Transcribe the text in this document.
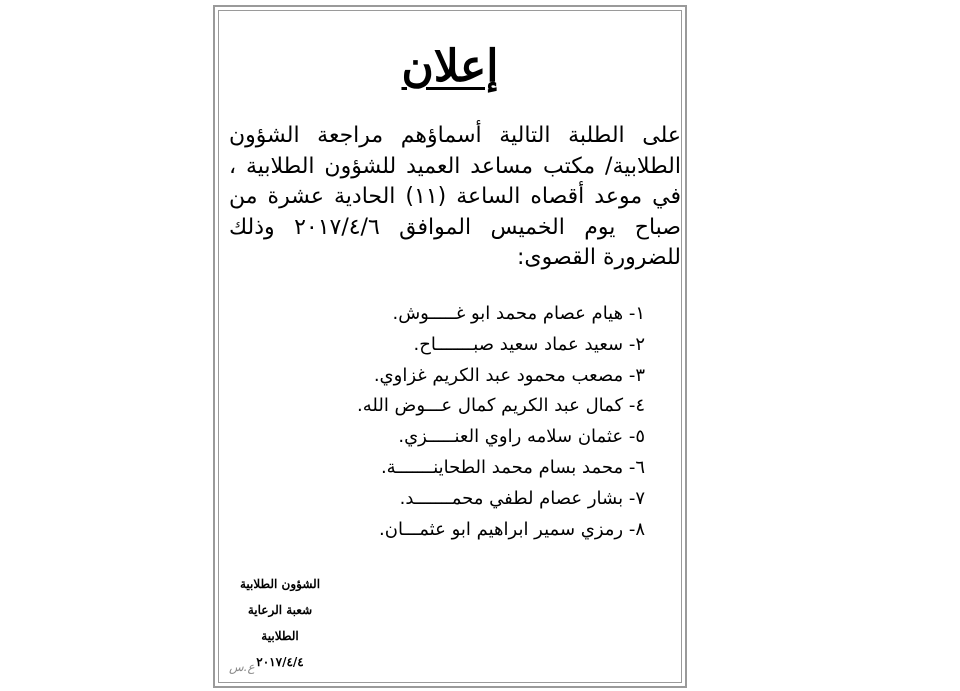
إعلان
على الطلبة التالية أسماؤهم مراجعة الشؤون الطلابية/ مكتب مساعد العميد للشؤون الطلابية ، في موعد أقصاه الساعة (١١) الحادية عشرة من صباح يوم الخميس الموافق ٢٠١٧/٤/٦ وذلك للضرورة القصوى:
١- هيام عصام محمد ابو غـــــوش.
٢- سعيد عماد سعيد صبـــــــاح.
٣- مصعب محمود عبد الكريم غزاوي.
٤- كمال عبد الكريم كمال عـــوض الله.
٥- عثمان سلامه راوي العنـــــزي.
٦- محمد بسام محمد الطحاينـــــــة.
٧- بشار عصام لطفي محمـــــــد.
٨- رمزي سمير ابراهيم ابو عثمـــان.
الشؤون الطلابية
شعبة الرعاية الطلابية
٢٠١٧/٤/٤
ع.س
